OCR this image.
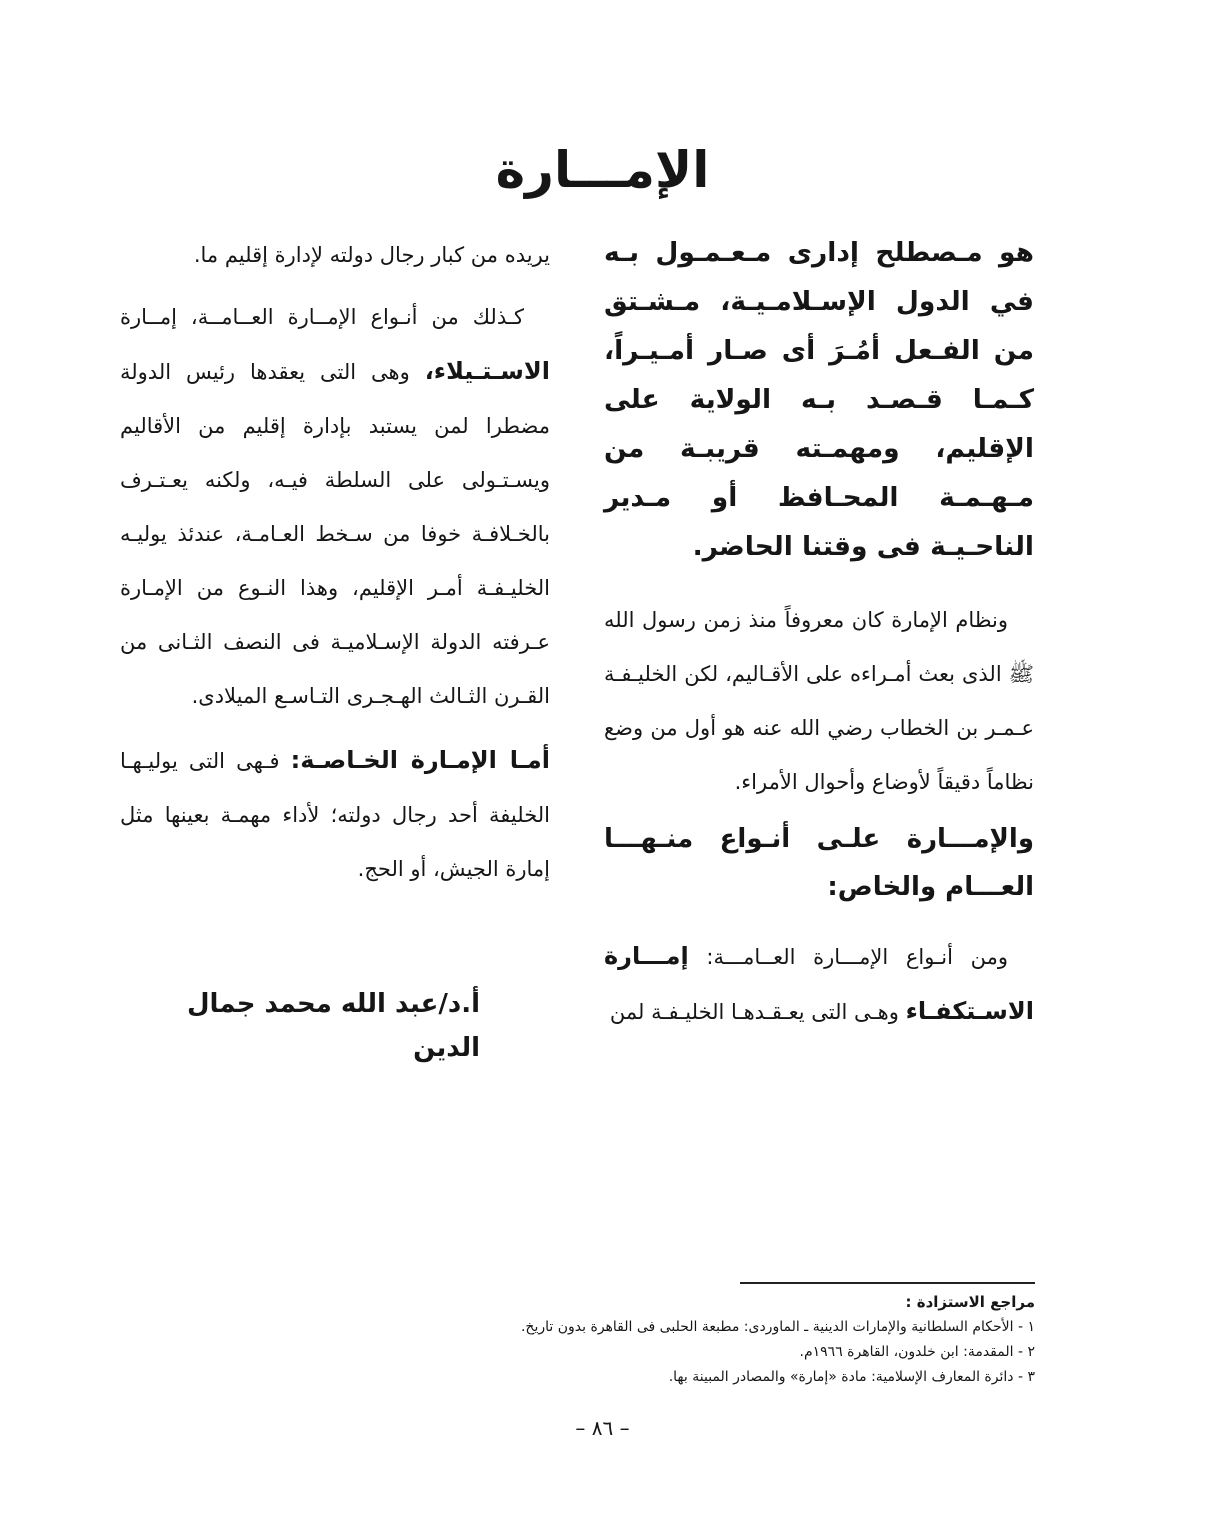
الإمـــارة

هو مـصطلح إدارى مـعـمـول بـه في الدول الإسـلامـيـة، مـشـتق من الفـعل أمُـرَ أى صـار أمـيـراً، كـمـا قـصـد بـه الولاية على الإقليم، ومهمـته قريبـة من مـهـمـة المحـافظ أو مـدير الناحـيـة فى وقتنا الحاضر.

ونظام الإمارة كان معروفاً منذ زمن رسول الله ﷺ الذى بعث أمـراءه على الأقـاليم، لكن الخليـفـة عـمـر بن الخطاب رضي الله عنه هو أول من وضع نظاماً دقيقاً لأوضاع وأحوال الأمراء.

والإمـــارة علـى أنـواع منـهـــا العـــام والخاص:

ومن أنـواع الإمـــارة العــامـــة: إمـــارة الاسـتكفـاء وهـى التى يعـقـدهـا الخليـفـة لمن

يريده من كبار رجال دولته لإدارة إقليم ما.

كـذلك من أنـواع الإمــارة العــامــة، إمــارة الاسـتـيلاء، وهى التى يعقدها رئيس الدولة مضطرا لمن يستبد بإدارة إقليم من الأقاليم ويسـتـولى على السلطة فيـه، ولكنه يعـتـرف بالخـلافـة خوفا من سـخط العـامـة، عندئذ يوليـه الخليـفـة أمـر الإقليم، وهذا النـوع من الإمـارة عـرفته الدولة الإسـلاميـة فى النصف الثـانى من القـرن الثـالث الهـجـرى التـاسـع الميلادى.

أمـا الإمـارة الخـاصـة: فـهى التى يوليـهـا الخليفة أحد رجال دولته؛ لأداء مهمـة بعينها مثل إمارة الجيش، أو الحج.

أ.د/عبد الله محمد جمال الدين

مراجع الاستزادة :

١ - الأحكام السلطانية والإمارات الدينية ـ الماوردى: مطبعة الحلبى فى القاهرة بدون تاريخ.
٢ - المقدمة: ابن خلدون، القاهرة ١٩٦٦م.
٣ - دائرة المعارف الإسلامية: مادة «إمارة» والمصادر المبينة بها.

– ٨٦ –
